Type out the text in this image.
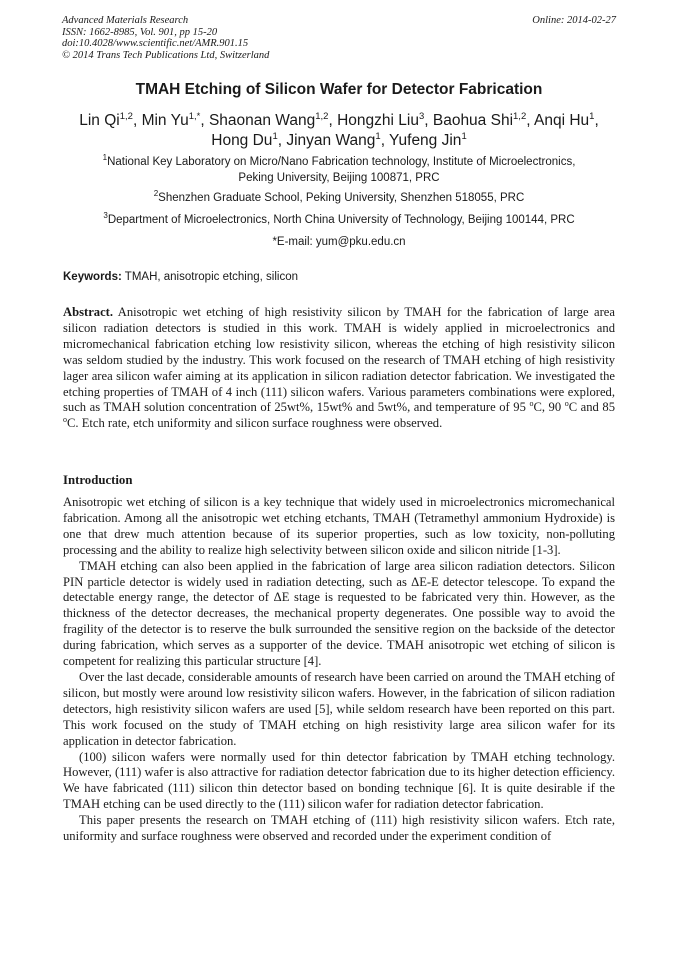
Advanced Materials Research
ISSN: 1662-8985, Vol. 901, pp 15-20
doi:10.4028/www.scientific.net/AMR.901.15
© 2014 Trans Tech Publications Ltd, Switzerland
Online: 2014-02-27
TMAH Etching of Silicon Wafer for Detector Fabrication
Lin Qi$^{1,2}$, Min $Yu^{1,*}$, Shaonan Wang$^{1,2}$, Hongzhi Liu$^3$, Baohua Shi$^{1,2}$, Anqi Hu$^1$,
Hong Du$^1$, Jinyan Wang$^1$, Yufeng Jin$^1$
$^1$National Key Laboratory on Micro/Nano Fabrication technology, Institute of Microelectronics,
Peking University, Beijing 100871, PRC
$^2$Shenzhen Graduate School, Peking University, Shenzhen 518055, PRC
$^3$Department of Microelectronics, North China University of Technology, Beijing 100144, PRC
*E-mail: yum@pku.edu.cn
Keywords: TMAH, anisotropic etching, silicon
Abstract. Anisotropic wet etching of high resistivity silicon by TMAH for the fabrication of large area silicon radiation detectors is studied in this work. TMAH is widely applied in microelectronics and micromechanical fabrication etching low resistivity silicon, whereas the etching of high resistivity silicon was seldom studied by the industry. This work focused on the research of TMAH etching of high resistivity lager area silicon wafer aiming at its application in silicon radiation detector fabrication. We investigated the etching properties of TMAH of 4 inch (111) silicon wafers. Various parameters combinations were explored, such as TMAH solution concentration of 25wt%, 15wt% and 5wt%, and temperature of 95 $^o$C, 90 $^o$C and 85 $^o$C. Etch rate, etch uniformity and silicon surface roughness were observed.
Introduction

Anisotropic wet etching of silicon is a key technique that widely used in microelectronics micromechanical fabrication. Among all the anisotropic wet etching etchants, TMAH (Tetramethyl ammonium Hydroxide) is one that drew much attention because of its superior properties, such as low toxicity, non-polluting processing and the ability to realize high selectivity between silicon oxide and silicon nitride [1-3].

TMAH etching can also been applied in the fabrication of large area silicon radiation detectors. Silicon PIN particle detector is widely used in radiation detecting, such as ΔE-E detector telescope. To expand the detectable energy range, the detector of ΔE stage is requested to be fabricated very thin. However, as the thickness of the detector decreases, the mechanical property degenerates. One possible way to avoid the fragility of the detector is to reserve the bulk surrounded the sensitive region on the backside of the detector during fabrication, which serves as a supporter of the device. TMAH anisotropic wet etching of silicon is competent for realizing this particular structure [4].

Over the last decade, considerable amounts of research have been carried on around the TMAH etching of silicon, but mostly were around low resistivity silicon wafers. However, in the fabrication of silicon radiation detectors, high resistivity silicon wafers are used [5], while seldom research have been reported on this part. This work focused on the study of TMAH etching on high resistivity large area silicon wafer for its application in detector fabrication.

(100) silicon wafers were normally used for thin detector fabrication by TMAH etching technology. However, (111) wafer is also attractive for radiation detector fabrication due to its higher detection efficiency. We have fabricated (111) silicon thin detector based on bonding technique [6]. It is quite desirable if the TMAH etching can be used directly to the (111) silicon wafer for radiation detector fabrication.

This paper presents the research on TMAH etching of (111) high resistivity silicon wafers. Etch rate, uniformity and surface roughness were observed and recorded under the experiment condition of
